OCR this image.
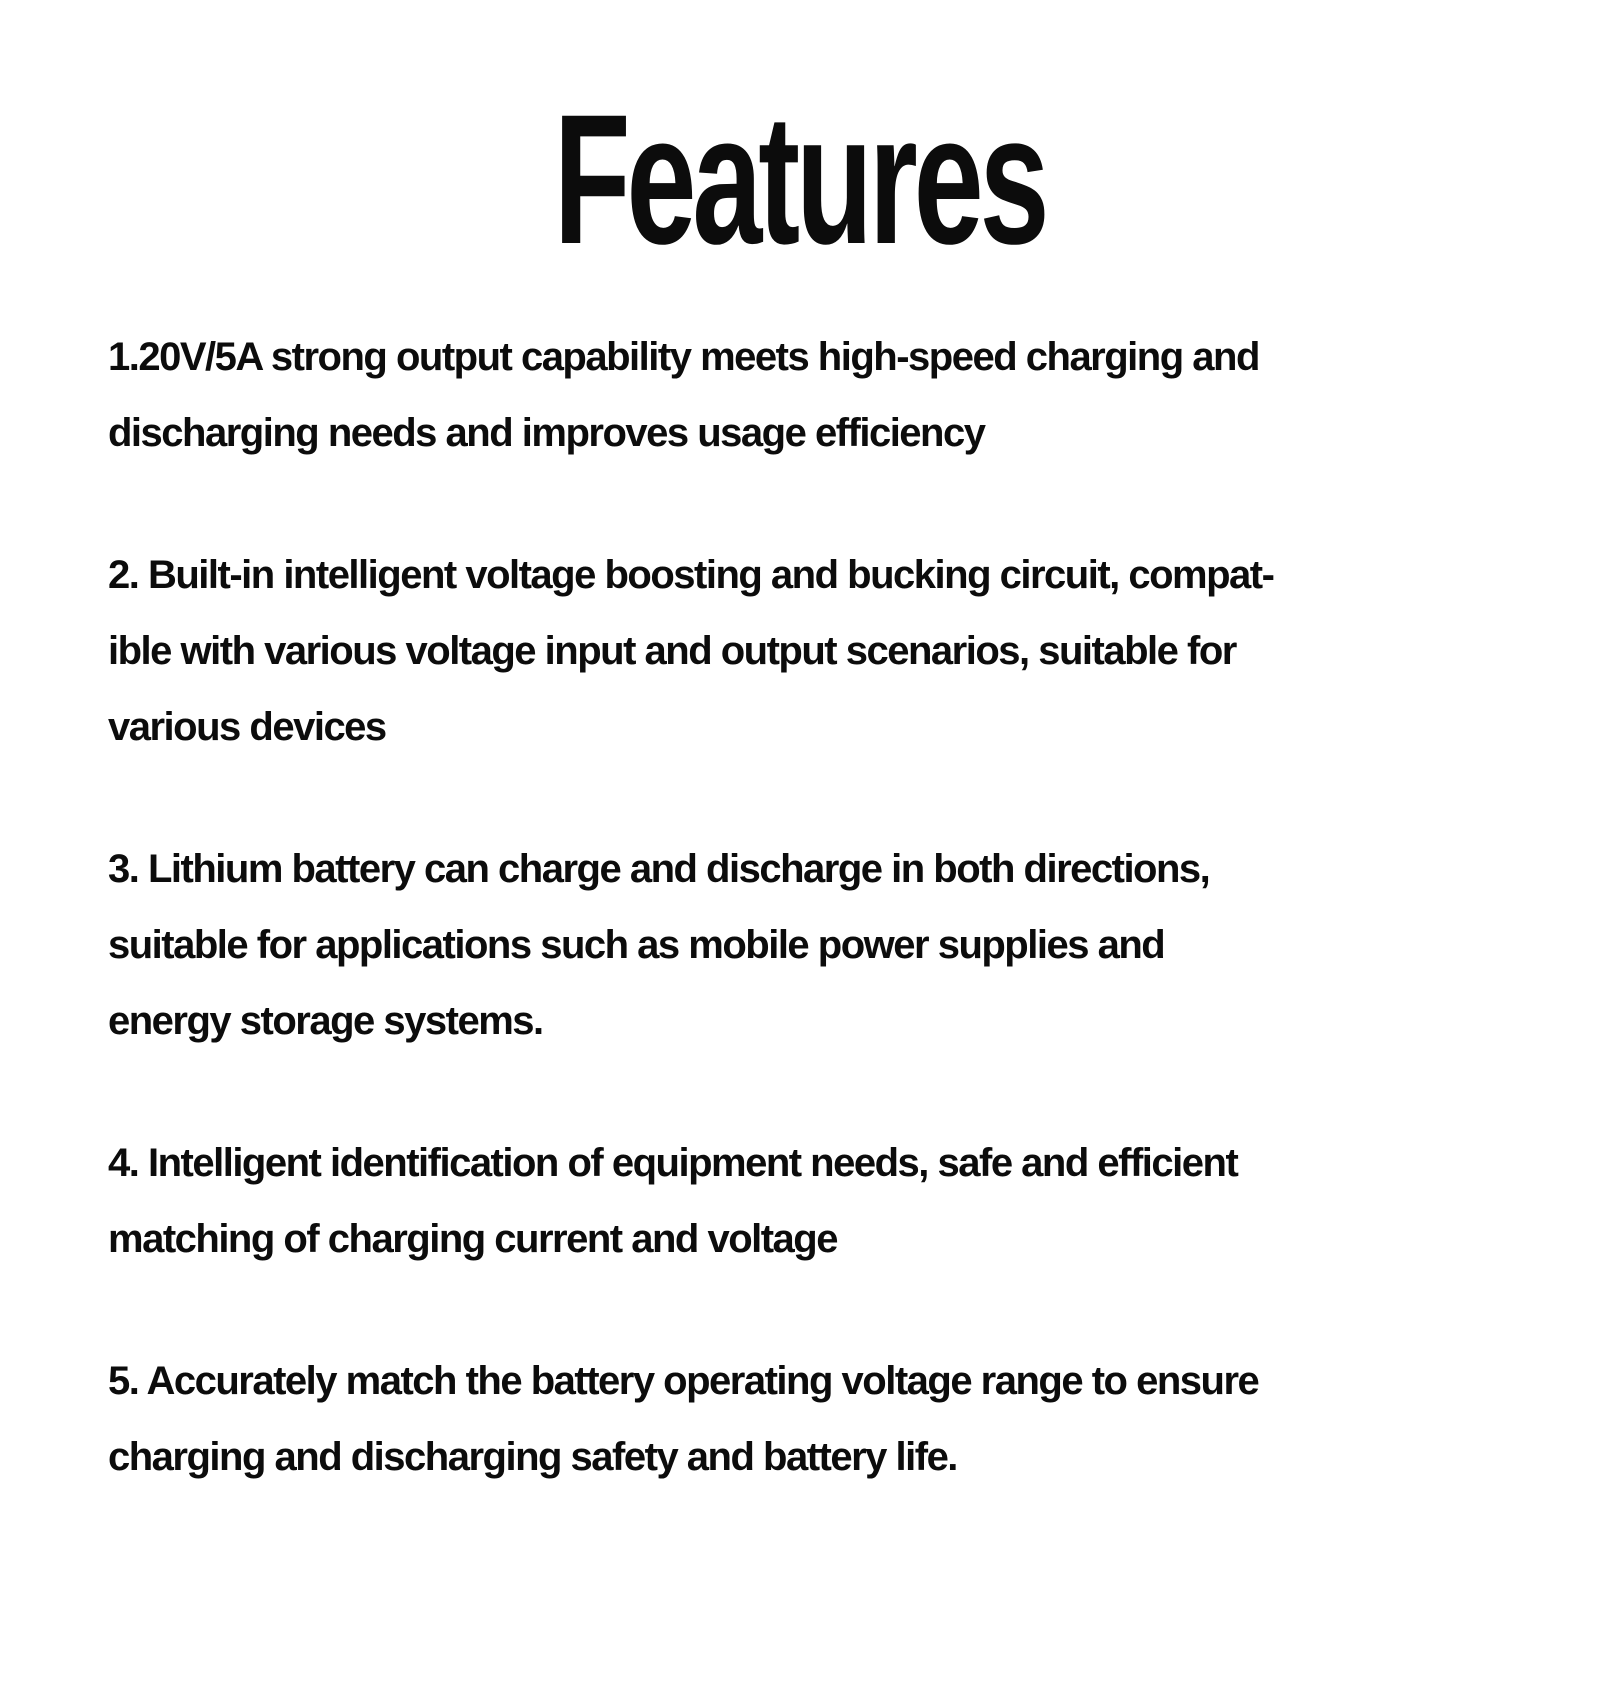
Features
1.20V/5A strong output capability meets high-speed charging and
discharging needs and improves usage efficiency
2. Built-in intelligent voltage boosting and bucking circuit, compat-
ible with various voltage input and output scenarios, suitable for
various devices
3. Lithium battery can charge and discharge in both directions,
suitable for applications such as mobile power supplies and
energy storage systems.
4. Intelligent identification of equipment needs, safe and efficient
matching of charging current and voltage
5. Accurately match the battery operating voltage range to ensure
charging and discharging safety and battery life.
